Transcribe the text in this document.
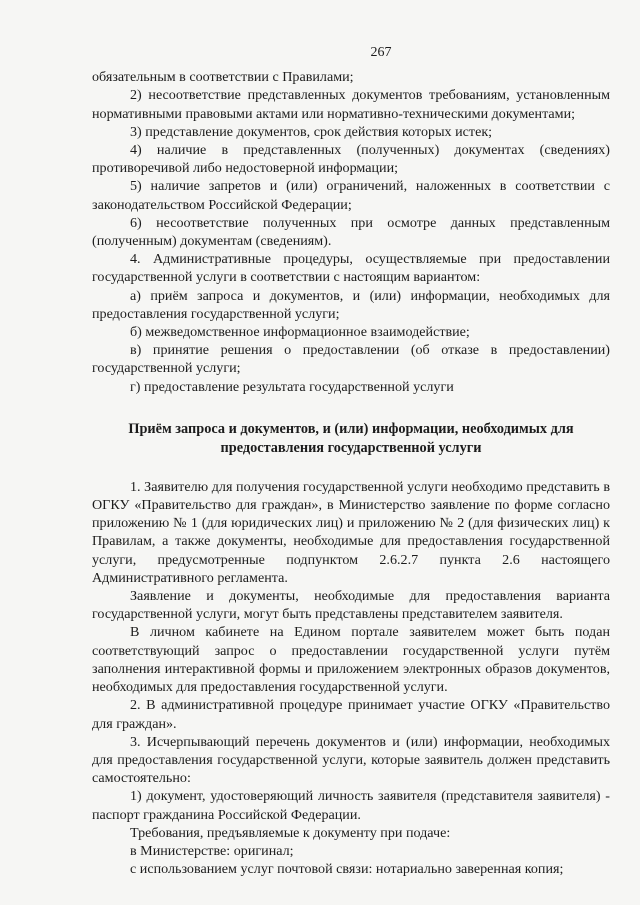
267

обязательным в соответствии с Правилами;

2) несоответствие представленных документов требованиям, установленным нормативными правовыми актами или нормативно-техническими документами;

3) представление документов, срок действия которых истек;

4) наличие в представленных (полученных) документах (сведениях) противоречивой либо недостоверной информации;

5) наличие запретов и (или) ограничений, наложенных в соответствии с законодательством Российской Федерации;

6) несоответствие полученных при осмотре данных представленным (полученным) документам (сведениям).

4. Административные процедуры, осуществляемые при предоставлении государственной услуги в соответствии с настоящим вариантом:

а) приём запроса и документов, и (или) информации, необходимых для предоставления государственной услуги;

б) межведомственное информационное взаимодействие;

в) принятие решения о предоставлении (об отказе в предоставлении) государственной услуги;

г) предоставление результата государственной услуги

Приём запроса и документов, и (или) информации, необходимых для предоставления государственной услуги

1. Заявителю для получения государственной услуги необходимо представить в ОГКУ «Правительство для граждан», в Министерство заявление по форме согласно приложению № 1 (для юридических лиц) и приложению № 2 (для физических лиц) к Правилам, а также документы, необходимые для предоставления государственной услуги, предусмотренные подпунктом 2.6.2.7 пункта 2.6 настоящего Административного регламента.

Заявление и документы, необходимые для предоставления варианта государственной услуги, могут быть представлены представителем заявителя.

В личном кабинете на Едином портале заявителем может быть подан соответствующий запрос о предоставлении государственной услуги путём заполнения интерактивной формы и приложением электронных образов документов, необходимых для предоставления государственной услуги.

2. В административной процедуре принимает участие ОГКУ «Правительство для граждан».

3. Исчерпывающий перечень документов и (или) информации, необходимых для предоставления государственной услуги, которые заявитель должен представить самостоятельно:

1) документ, удостоверяющий личность заявителя (представителя заявителя) - паспорт гражданина Российской Федерации.

Требования, предъявляемые к документу при подаче:

в Министерстве: оригинал;

с использованием услуг почтовой связи: нотариально заверенная копия;
